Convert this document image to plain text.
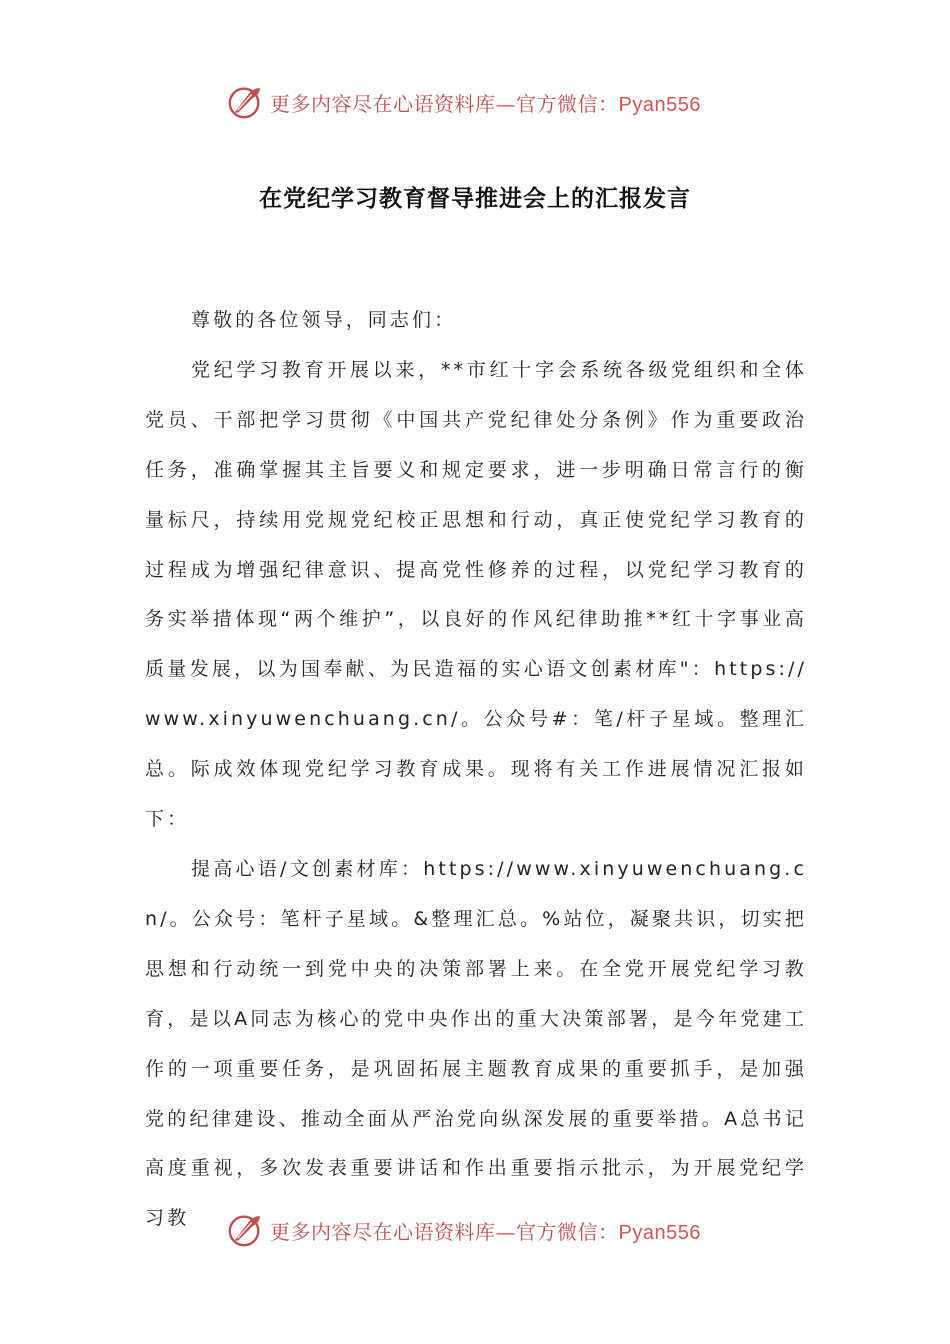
更多内容尽在心语资料库—官方微信：Pyan556
在党纪学习教育督导推进会上的汇报发言

尊敬的各位领导，同志们：

党纪学习教育开展以来，**市红十字会系统各级党组织和全体党员、干部把学习贯彻《中国共产党纪律处分条例》作为重要政治任务，准确掌握其主旨要义和规定要求，进一步明确日常言行的衡量标尺，持续用党规党纪校正思想和行动，真正使党纪学习教育的过程成为增强纪律意识、提高党性修养的过程，以党纪学习教育的务实举措体现“两个维护”，以良好的作风纪律助推**红十字事业高质量发展，以为国奉献、为民造福的实心语文创素材库"：https://www.xinyuwenchuang.cn/。公众号#：笔/杆子星域。整理汇总。际成效体现党纪学习教育成果。现将有关工作进展情况汇报如下：

提高心语/文创素材库：https://www.xinyuwenchuang.cn/。公众号：笔杆子星域。&整理汇总。%站位，凝聚共识，切实把思想和行动统一到党中央的决策部署上来。在全党开展党纪学习教育，是以A同志为核心的党中央作出的重大决策部署，是今年党建工作的一项重要任务，是巩固拓展主题教育成果的重要抓手，是加强党的纪律建设、推动全面从严治党向纵深发展的重要举措。A总书记高度重视，多次发表重要讲话和作出重要指示批示，为开展党纪学习教

更多内容尽在心语资料库—官方微信：Pyan556
